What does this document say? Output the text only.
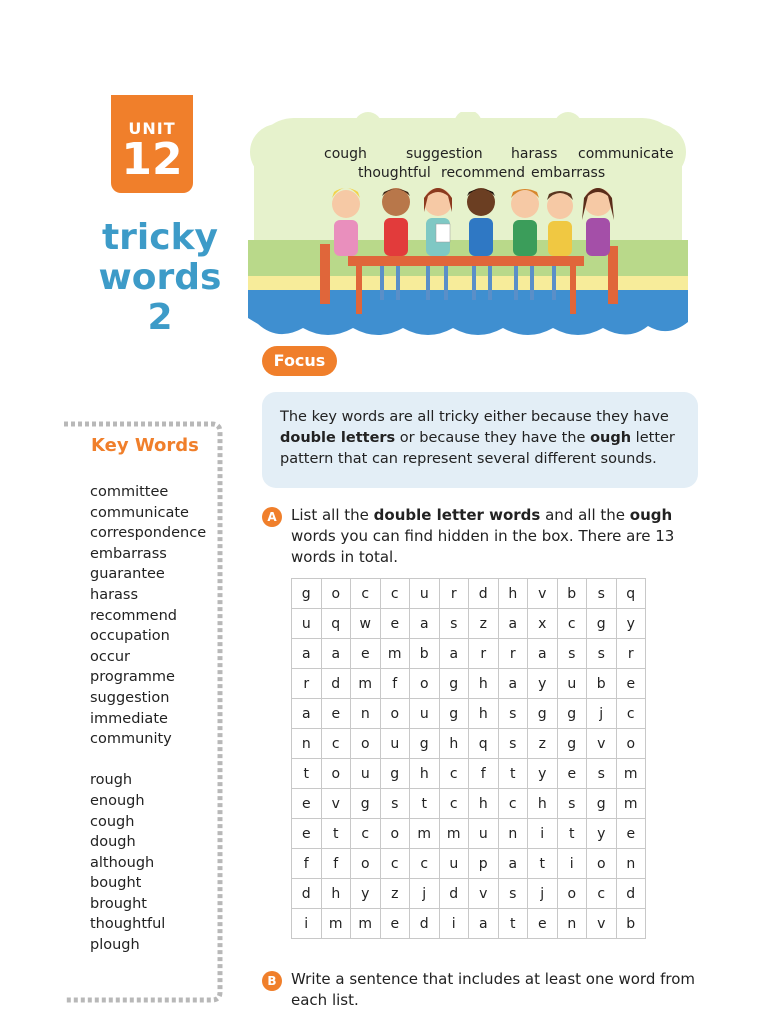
UNIT
12
tricky
words 2
cough	suggestion harass communicate
thoughtful recommend embarrass
Focus
The key words are all tricky either because they have double letters or because they have the ough letter pattern that can represent several different sounds.
Key Words
committee
communicate
correspondence
embarrass
guarantee
harass
recommend
occupation
occur
programme
suggestion
immediate
community
rough
enough
cough
dough
although
bought
brought
thoughtful
plough
A List all the double letter words and all the ough words you can find hidden in the box. There are 13 words in total.
g	o	c	c	u	r	d	h	v	b	s	q
u	q	w	e	a	s	z	a	x	c	g	y
a	a	e	m	b	a	r	r	a	s	s	r
r	d	m	f	o	g	h	a	y	u	b	e
a	e	n	o	u	g	h	s	g	g	j	c
n	c	o	u	g	h	q	s	z	g	v	o
t	o	u	g	h	c	f	t	y	e	s	m
e	v	g	s	t	c	h	c	h	s	g	m
e	t	c	o	m	m	u	n	i	t	y	e
f	f	o	c	c	u	p	a	t	i	o	n
d	h	y	z	j	d	v	s	j	o	c	d
i	m	m	e	d	i	a	t	e	n	v	b
B Write a sentence that includes at least one word from each list.
